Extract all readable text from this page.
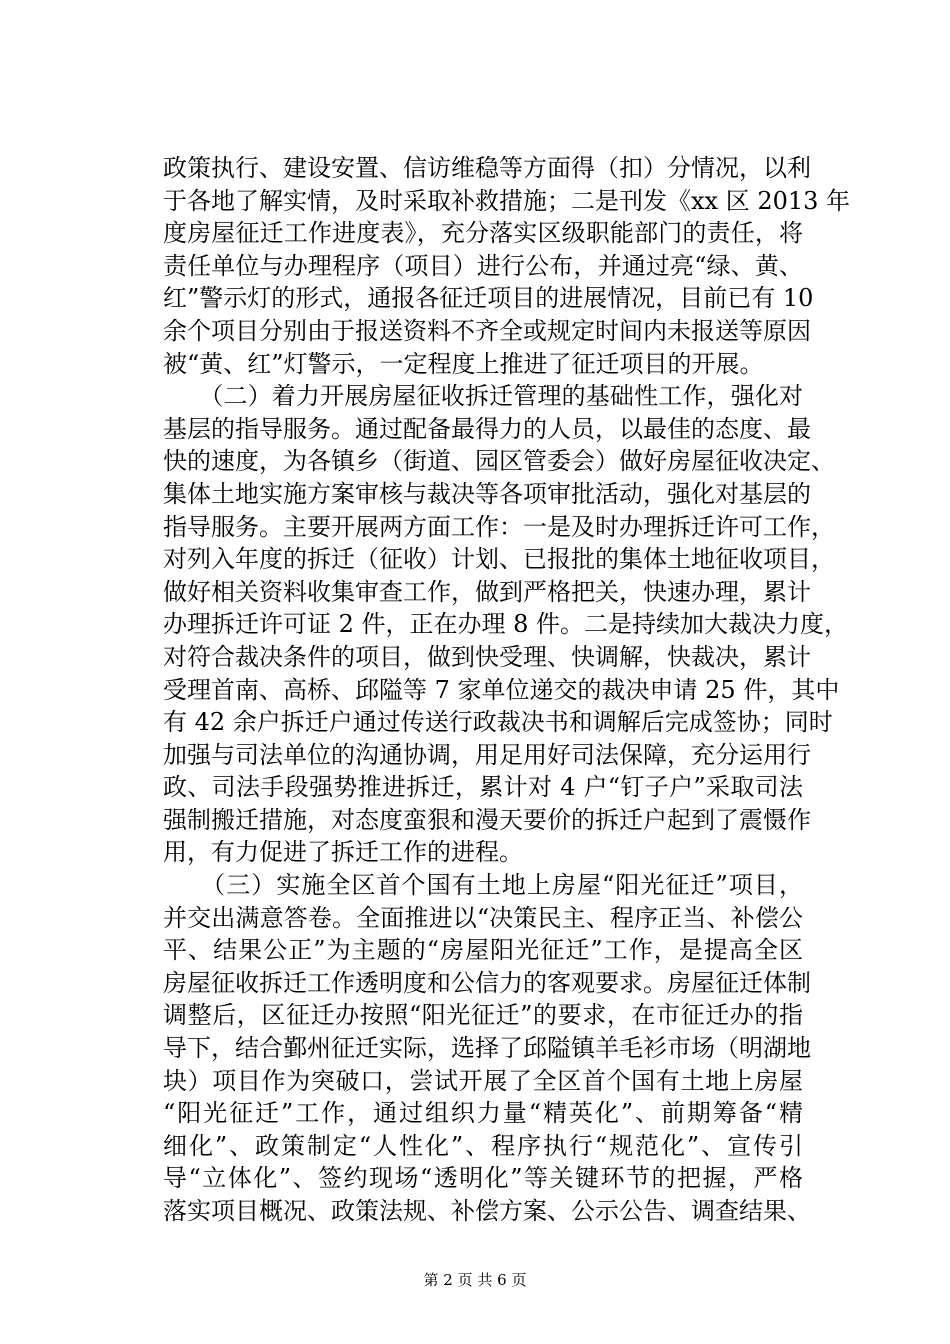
政策执行、建设安置、信访维稳等方面得（扣）分情况，以利
于各地了解实情，及时采取补救措施；二是刊发《xx 区 2013 年
度房屋征迁工作进度表》，充分落实区级职能部门的责任，将
责任单位与办理程序（项目）进行公布，并通过亮“绿、黄、
红”警示灯的形式，通报各征迁项目的进展情况，目前已有 10
余个项目分别由于报送资料不齐全或规定时间内未报送等原因
被“黄、红”灯警示，一定程度上推进了征迁项目的开展。
　　（二）着力开展房屋征收拆迁管理的基础性工作，强化对
基层的指导服务。通过配备最得力的人员，以最佳的态度、最
快的速度，为各镇乡（街道、园区管委会）做好房屋征收决定、
集体土地实施方案审核与裁决等各项审批活动，强化对基层的
指导服务。主要开展两方面工作：一是及时办理拆迁许可工作，
对列入年度的拆迁（征收）计划、已报批的集体土地征收项目，
做好相关资料收集审查工作，做到严格把关，快速办理，累计
办理拆迁许可证 2 件，正在办理 8 件。二是持续加大裁决力度，
对符合裁决条件的项目，做到快受理、快调解，快裁决，累计
受理首南、高桥、邱隘等 7 家单位递交的裁决申请 25 件，其中
有 42 余户拆迁户通过传送行政裁决书和调解后完成签协；同时
加强与司法单位的沟通协调，用足用好司法保障，充分运用行
政、司法手段强势推进拆迁，累计对 4 户“钉子户”采取司法
强制搬迁措施，对态度蛮狠和漫天要价的拆迁户起到了震慑作
用，有力促进了拆迁工作的进程。
　　（三）实施全区首个国有土地上房屋“阳光征迁”项目，
并交出满意答卷。全面推进以“决策民主、程序正当、补偿公
平、结果公正”为主题的“房屋阳光征迁”工作，是提高全区
房屋征收拆迁工作透明度和公信力的客观要求。房屋征迁体制
调整后，区征迁办按照“阳光征迁”的要求，在市征迁办的指
导下，结合鄞州征迁实际，选择了邱隘镇羊毛衫市场（明湖地
块）项目作为突破口，尝试开展了全区首个国有土地上房屋
“阳光征迁”工作，通过组织力量“精英化”、前期筹备“精
细化”、政策制定“人性化”、程序执行“规范化”、宣传引
导“立体化”、签约现场“透明化”等关键环节的把握，严格
落实项目概况、政策法规、补偿方案、公示公告、调查结果、
第 2 页 共 6 页
